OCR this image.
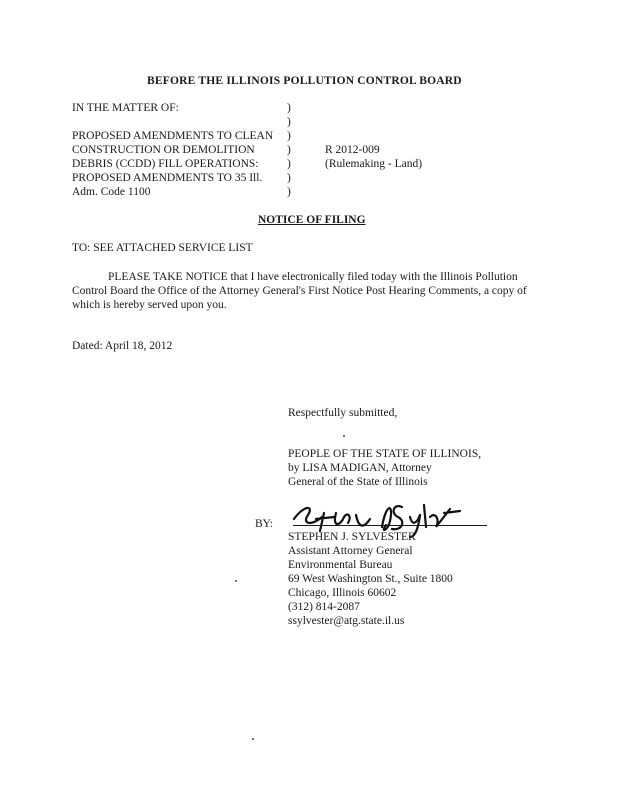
BEFORE THE ILLINOIS POLLUTION CONTROL BOARD
IN THE MATTER OF:
PROPOSED AMENDMENTS TO CLEAN
CONSTRUCTION OR DEMOLITION
DEBRIS (CCDD) FILL OPERATIONS:
PROPOSED AMENDMENTS TO 35 Ill.
Adm. Code 1100
)
)
)
)
)
)
)
R 2012-009
(Rulemaking - Land)
NOTICE OF FILING
TO: SEE ATTACHED SERVICE LIST
PLEASE TAKE NOTICE that I have electronically filed today with the Illinois Pollution Control Board the Office of the Attorney General's First Notice Post Hearing Comments, a copy of which is hereby served upon you.
Dated: April 18, 2012
Respectfully submitted,
PEOPLE OF THE STATE OF ILLINOIS,
by LISA MADIGAN, Attorney
General of the State of Illinois
BY:
STEPHEN J. SYLVESTER
Assistant Attorney General
Environmental Bureau
69 West Washington St., Suite 1800
Chicago, Illinois 60602
(312) 814-2087
ssylvester@atg.state.il.us
